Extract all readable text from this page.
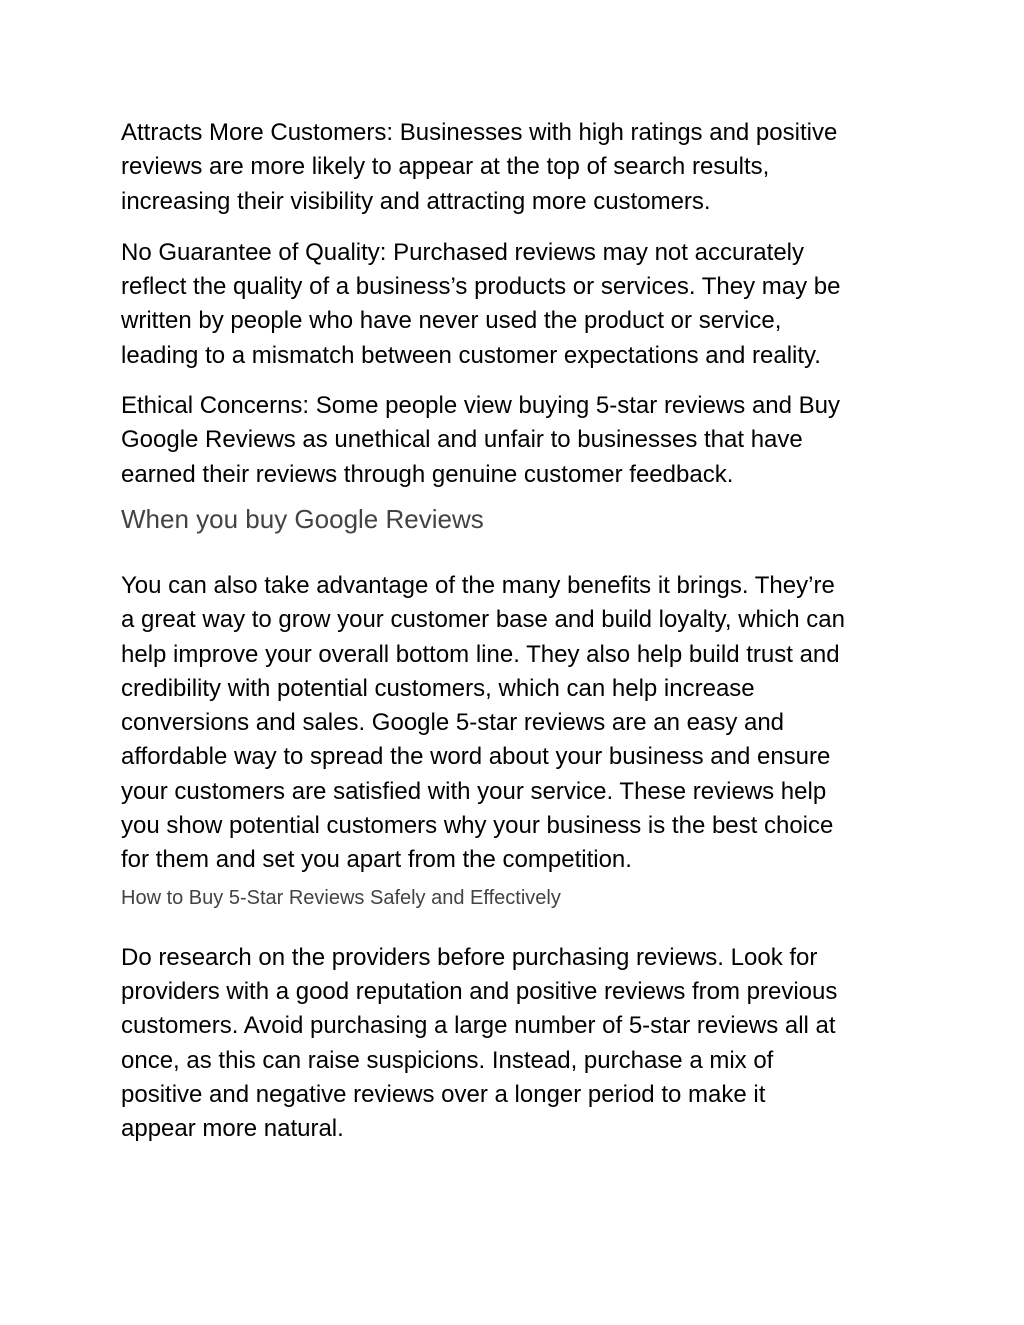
Attracts More Customers: Businesses with high ratings and positive
reviews are more likely to appear at the top of search results,
increasing their visibility and attracting more customers.

No Guarantee of Quality: Purchased reviews may not accurately
reflect the quality of a business’s products or services. They may be
written by people who have never used the product or service,
leading to a mismatch between customer expectations and reality.

Ethical Concerns: Some people view buying 5-star reviews and Buy
Google Reviews as unethical and unfair to businesses that have
earned their reviews through genuine customer feedback.

When you buy Google Reviews

You can also take advantage of the many benefits it brings. They’re
a great way to grow your customer base and build loyalty, which can
help improve your overall bottom line. They also help build trust and
credibility with potential customers, which can help increase
conversions and sales. Google 5-star reviews are an easy and
affordable way to spread the word about your business and ensure
your customers are satisfied with your service. These reviews help
you show potential customers why your business is the best choice
for them and set you apart from the competition.

How to Buy 5-Star Reviews Safely and Effectively

Do research on the providers before purchasing reviews. Look for
providers with a good reputation and positive reviews from previous
customers. Avoid purchasing a large number of 5-star reviews all at
once, as this can raise suspicions. Instead, purchase a mix of
positive and negative reviews over a longer period to make it
appear more natural.
